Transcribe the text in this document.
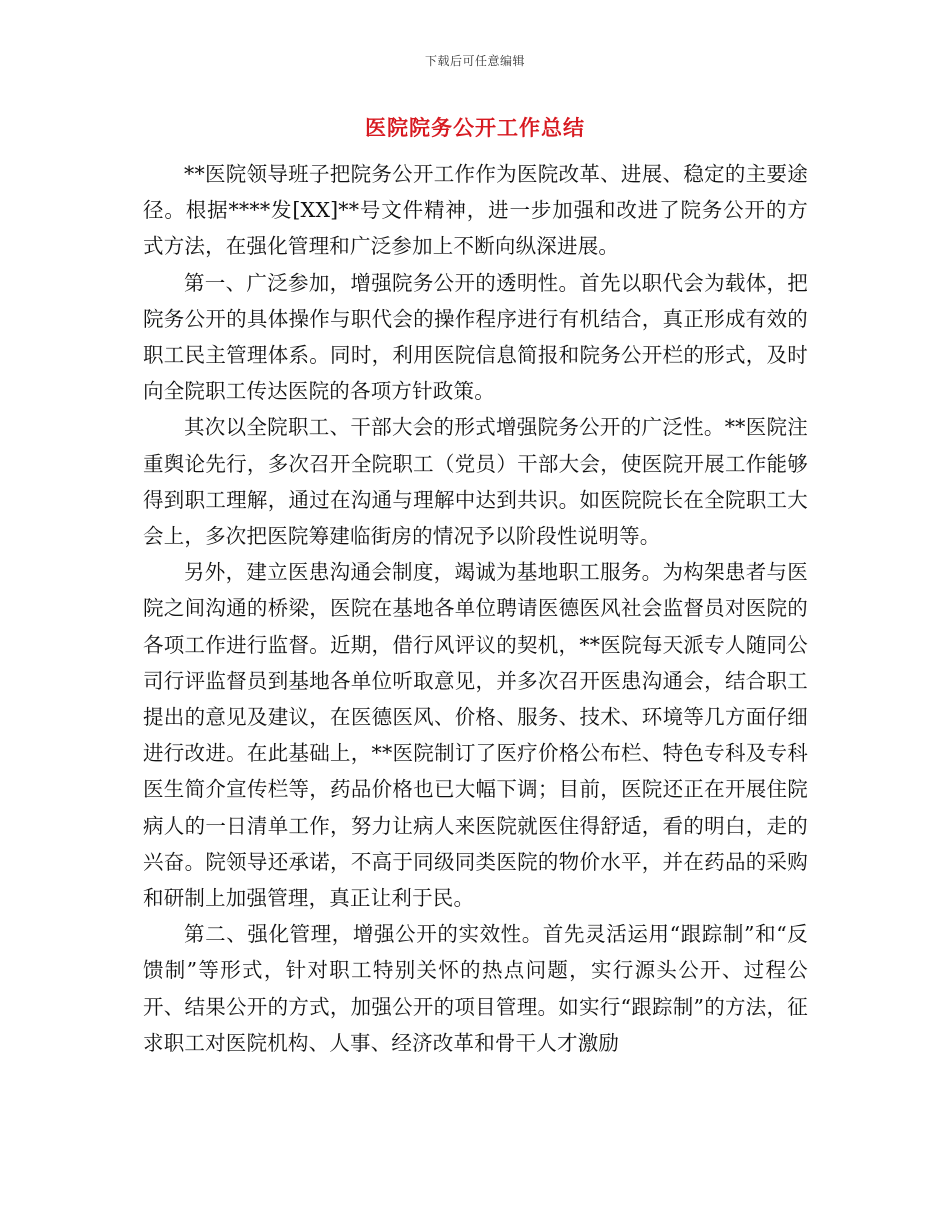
下载后可任意编辑
医院院务公开工作总结

**医院领导班子把院务公开工作作为医院改革、进展、稳定的主要途径。根据****发[XX]**号文件精神，进一步加强和改进了院务公开的方式方法，在强化管理和广泛参加上不断向纵深进展。

第一、广泛参加，增强院务公开的透明性。首先以职代会为载体，把院务公开的具体操作与职代会的操作程序进行有机结合，真正形成有效的职工民主管理体系。同时，利用医院信息简报和院务公开栏的形式，及时向全院职工传达医院的各项方针政策。

其次以全院职工、干部大会的形式增强院务公开的广泛性。**医院注重舆论先行，多次召开全院职工（党员）干部大会，使医院开展工作能够得到职工理解，通过在沟通与理解中达到共识。如医院院长在全院职工大会上，多次把医院筹建临街房的情况予以阶段性说明等。

另外，建立医患沟通会制度，竭诚为基地职工服务。为构架患者与医院之间沟通的桥梁，医院在基地各单位聘请医德医风社会监督员对医院的各项工作进行监督。近期，借行风评议的契机，**医院每天派专人随同公司行评监督员到基地各单位听取意见，并多次召开医患沟通会，结合职工提出的意见及建议，在医德医风、价格、服务、技术、环境等几方面仔细进行改进。在此基础上，**医院制订了医疗价格公布栏、特色专科及专科医生简介宣传栏等，药品价格也已大幅下调；目前，医院还正在开展住院病人的一日清单工作，努力让病人来医院就医住得舒适，看的明白，走的兴奋。院领导还承诺，不高于同级同类医院的物价水平，并在药品的采购和研制上加强管理，真正让利于民。

第二、强化管理，增强公开的实效性。首先灵活运用“跟踪制”和“反馈制”等形式，针对职工特别关怀的热点问题，实行源头公开、过程公开、结果公开的方式，加强公开的项目管理。如实行“跟踪制”的方法，征求职工对医院机构、人事、经济改革和骨干人才激励
